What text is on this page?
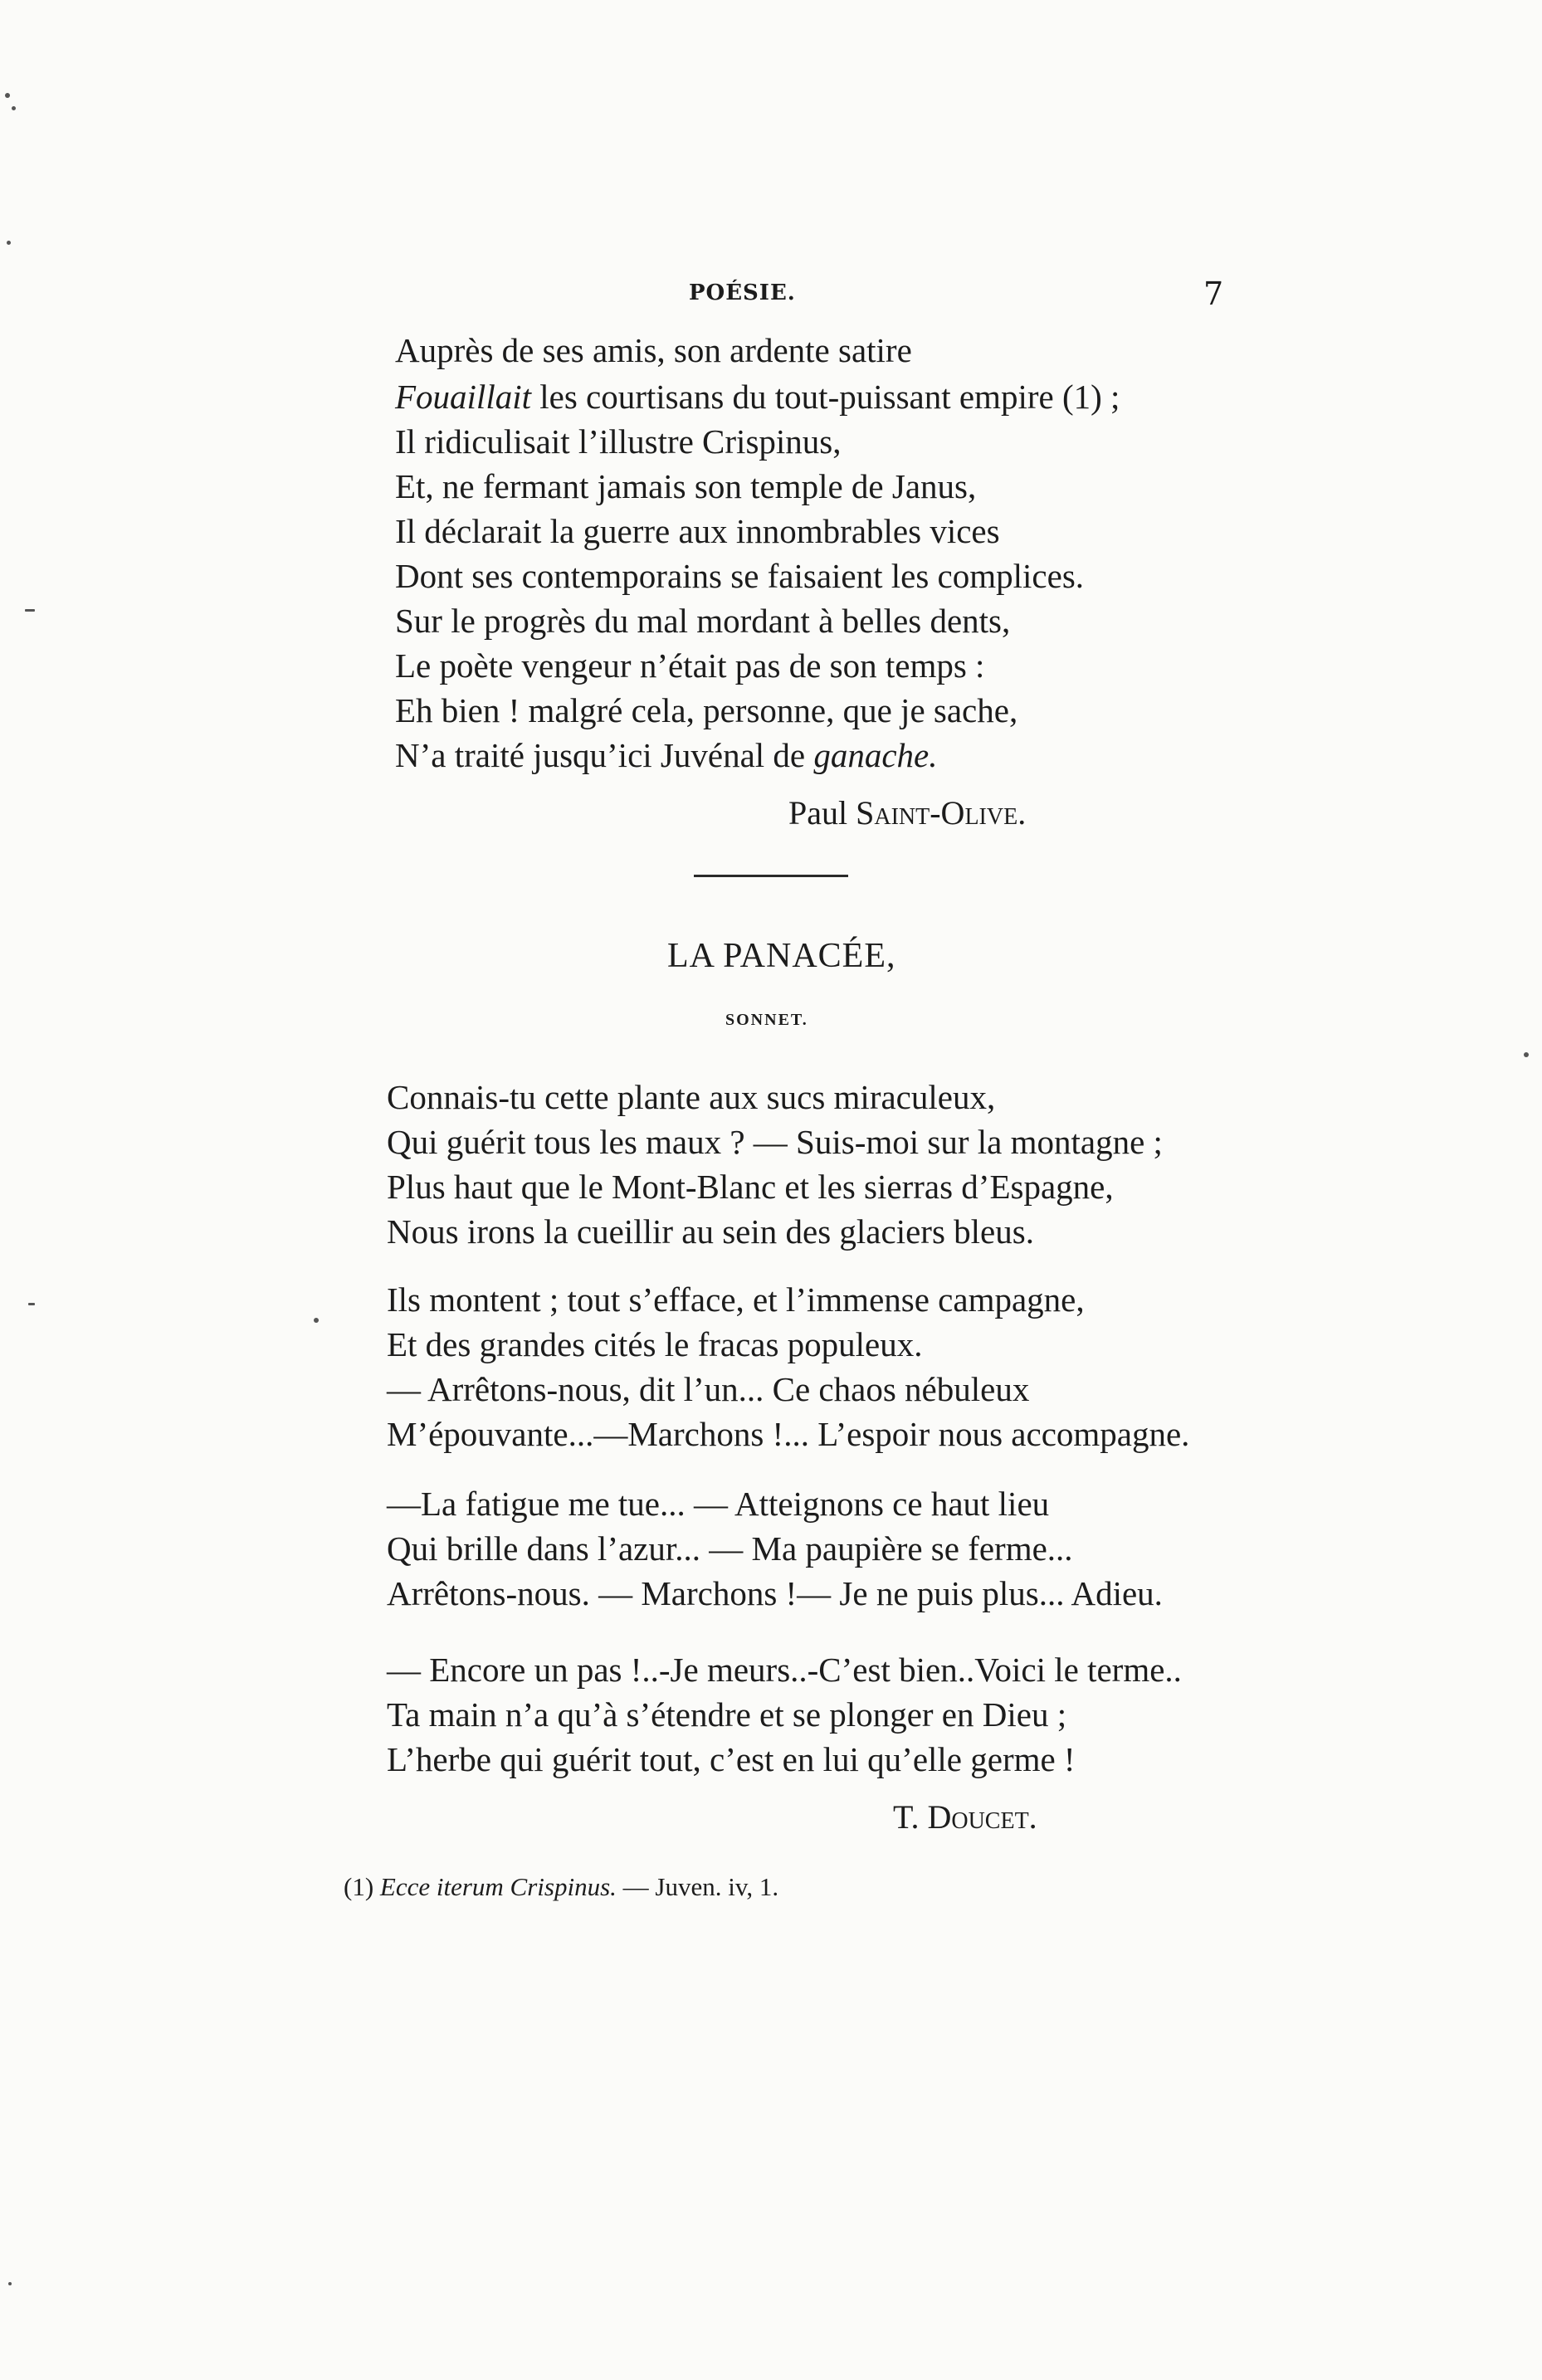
POÉSIE.	7
Auprès de ses amis, son ardente satire
Fouaillait les courtisans du tout-puissant empire (1) ;
Il ridiculisait l’illustre Crispinus,
Et, ne fermant jamais son temple de Janus,
Il déclarait la guerre aux innombrables vices
Dont ses contemporains se faisaient les complices.
Sur le progrès du mal mordant à belles dents,
Le poète vengeur n’était pas de son temps :
Eh bien ! malgré cela, personne, que je sache,
N’a traité jusqu’ici Juvénal de ganache.
Paul Saint-Olive.
LA PANACÉE,
SONNET.
Connais-tu cette plante aux sucs miraculeux,
Qui guérit tous les maux ? — Suis-moi sur la montagne ;
Plus haut que le Mont-Blanc et les sierras d’Espagne,
Nous irons la cueillir au sein des glaciers bleus.
Ils montent ; tout s’efface, et l’immense campagne,
Et des grandes cités le fracas populeux.
— Arrêtons-nous, dit l’un... Ce chaos nébuleux
M’épouvante...—Marchons !... L’espoir nous accompagne.
—La fatigue me tue... — Atteignons ce haut lieu
Qui brille dans l’azur... — Ma paupière se ferme...
Arrêtons-nous. — Marchons !— Je ne puis plus... Adieu.
— Encore un pas !..-Je meurs..-C’est bien..Voici le terme..
Ta main n’a qu’à s’étendre et se plonger en Dieu ;
L’herbe qui guérit tout, c’est en lui qu’elle germe !
T. Doucet.
(1) Ecce iterum Crispinus. — Juven. iv, 1.
